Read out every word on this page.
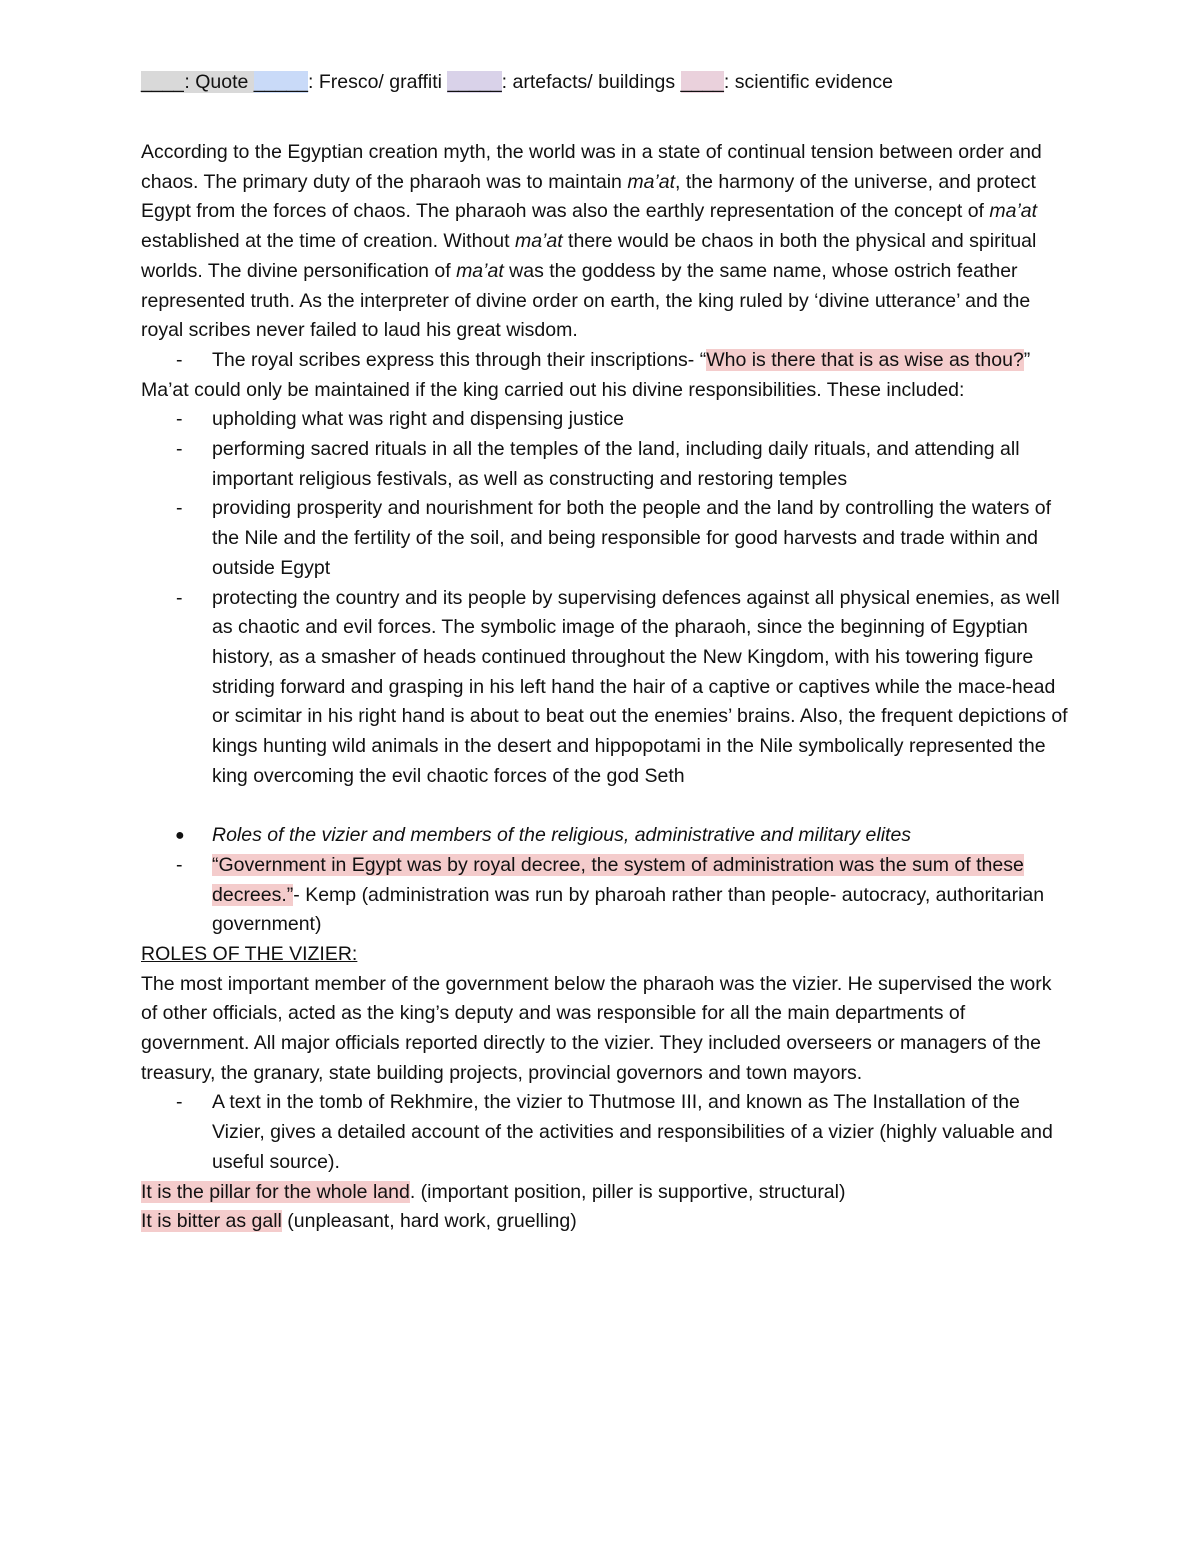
____: Quote _____: Fresco/ graffiti _____: artefacts/ buildings ____: scientific evidence

According to the Egyptian creation myth, the world was in a state of continual tension between order and chaos. The primary duty of the pharaoh was to maintain ma’at, the harmony of the universe, and protect Egypt from the forces of chaos. The pharaoh was also the earthly representation of the concept of ma’at established at the time of creation. Without ma’at there would be chaos in both the physical and spiritual worlds. The divine personification of ma’at was the goddess by the same name, whose ostrich feather represented truth. As the interpreter of divine order on earth, the king ruled by ‘divine utterance’ and the royal scribes never failed to laud his great wisdom.

- The royal scribes express this through their inscriptions- “Who is there that is as wise as thou?”

Ma’at could only be maintained if the king carried out his divine responsibilities. These included:

- upholding what was right and dispensing justice
- performing sacred rituals in all the temples of the land, including daily rituals, and attending all important religious festivals, as well as constructing and restoring temples
- providing prosperity and nourishment for both the people and the land by controlling the waters of the Nile and the fertility of the soil, and being responsible for good harvests and trade within and outside Egypt
- protecting the country and its people by supervising defences against all physical enemies, as well as chaotic and evil forces. The symbolic image of the pharaoh, since the beginning of Egyptian history, as a smasher of heads continued throughout the New Kingdom, with his towering figure striding forward and grasping in his left hand the hair of a captive or captives while the mace-head or scimitar in his right hand is about to beat out the enemies’ brains. Also, the frequent depictions of kings hunting wild animals in the desert and hippopotami in the Nile symbolically represented the king overcoming the evil chaotic forces of the god Seth
● Roles of the vizier and members of the religious, administrative and military elites
- “Government in Egypt was by royal decree, the system of administration was the sum of these decrees.”- Kemp (administration was run by pharoah rather than people- autocracy, authoritarian government)

ROLES OF THE VIZIER:

The most important member of the government below the pharaoh was the vizier. He supervised the work of other officials, acted as the king’s deputy and was responsible for all the main departments of government. All major officials reported directly to the vizier. They included overseers or managers of the treasury, the granary, state building projects, provincial governors and town mayors.

- A text in the tomb of Rekhmire, the vizier to Thutmose III, and known as The Installation of the Vizier, gives a detailed account of the activities and responsibilities of a vizier (highly valuable and useful source).

It is the pillar for the whole land. (important position, piller is supportive, structural)

It is bitter as gall (unpleasant, hard work, gruelling)
